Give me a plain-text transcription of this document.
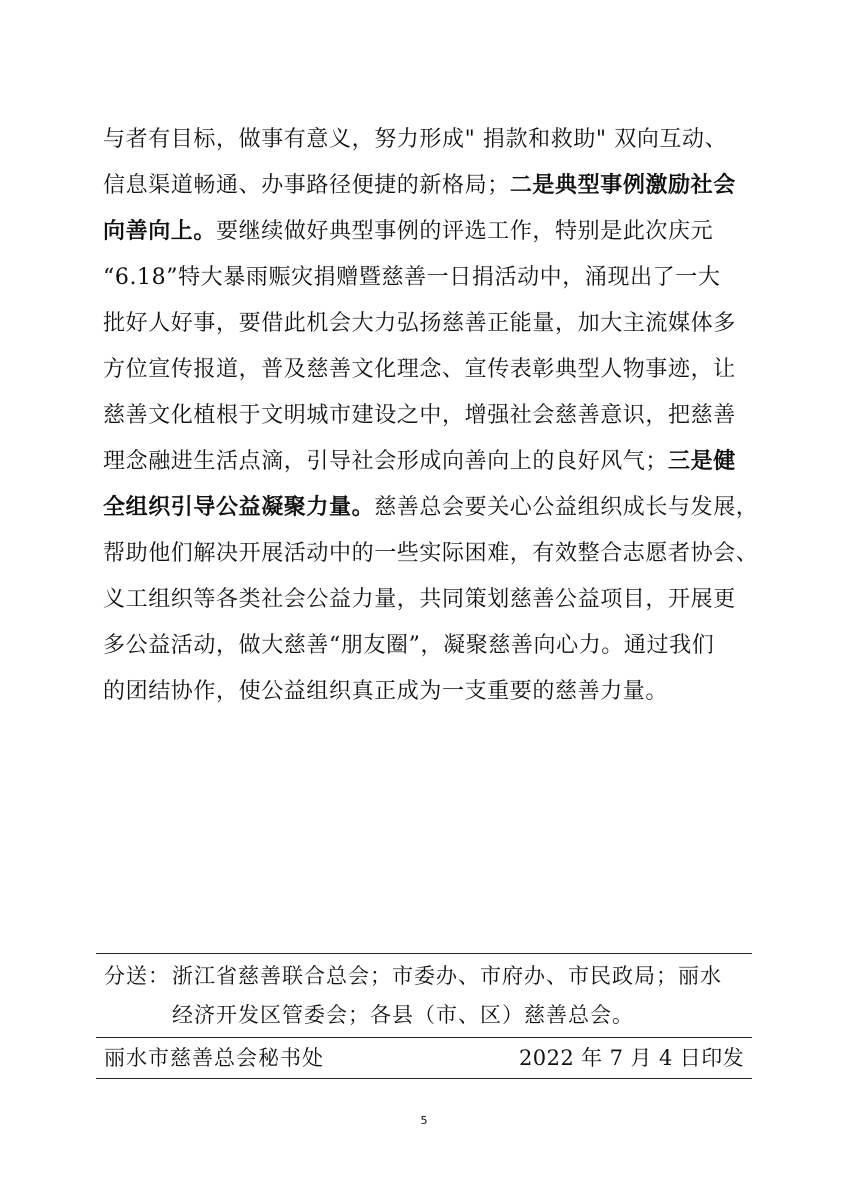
与者有目标，做事有意义，努力形成" 捐款和救助" 双向互动、
信息渠道畅通、办事路径便捷的新格局；二是典型事例激励社会
向善向上。要继续做好典型事例的评选工作，特别是此次庆元
“6.18”特大暴雨赈灾捐赠暨慈善一日捐活动中，涌现出了一大
批好人好事，要借此机会大力弘扬慈善正能量，加大主流媒体多
方位宣传报道，普及慈善文化理念、宣传表彰典型人物事迹，让
慈善文化植根于文明城市建设之中，增强社会慈善意识，把慈善
理念融进生活点滴，引导社会形成向善向上的良好风气；三是健
全组织引导公益凝聚力量。慈善总会要关心公益组织成长与发展，
帮助他们解决开展活动中的一些实际困难，有效整合志愿者协会、
义工组织等各类社会公益力量，共同策划慈善公益项目，开展更
多公益活动，做大慈善“朋友圈”，凝聚慈善向心力。通过我们
的团结协作，使公益组织真正成为一支重要的慈善力量。
分送： 浙江省慈善联合总会；市委办、市府办、市民政局；丽水
经济开发区管委会；各县（市、区）慈善总会。
丽水市慈善总会秘书处	2022 年 7 月 4 日印发
5
